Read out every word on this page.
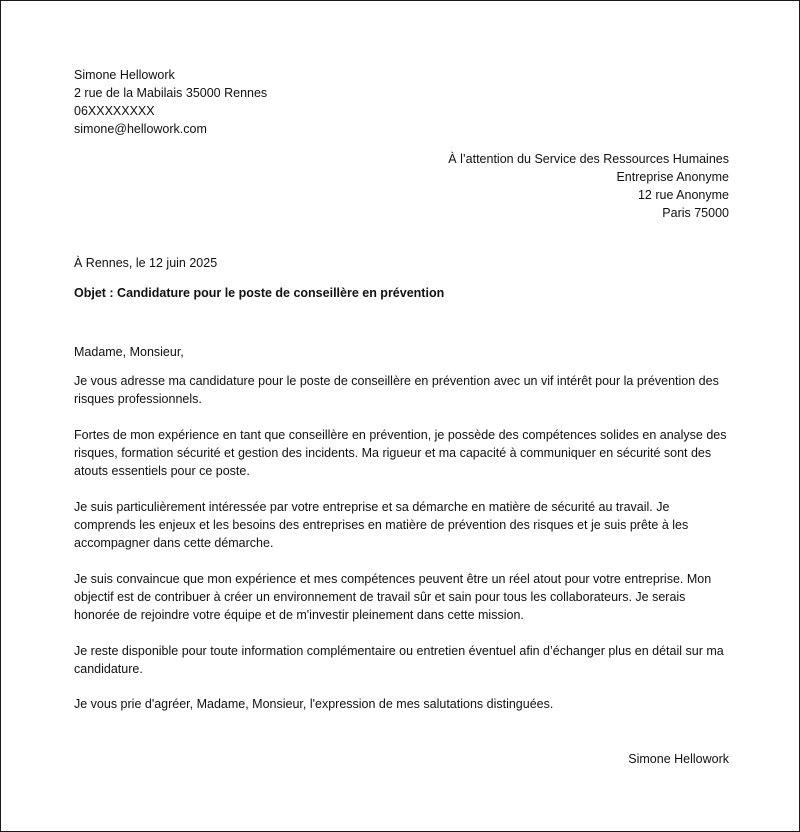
Simone Hellowork
2 rue de la Mabilais 35000 Rennes
06XXXXXXXX
simone@hellowork.com
À l’attention du Service des Ressources Humaines
Entreprise Anonyme
12 rue Anonyme
Paris 75000
À Rennes, le 12 juin 2025
Objet : Candidature pour le poste de conseillère en prévention
Madame, Monsieur,

Je vous adresse ma candidature pour le poste de conseillère en prévention avec un vif intérêt pour la prévention des risques professionnels.

Fortes de mon expérience en tant que conseillère en prévention, je possède des compétences solides en analyse des risques, formation sécurité et gestion des incidents. Ma rigueur et ma capacité à communiquer en sécurité sont des atouts essentiels pour ce poste.

Je suis particulièrement intéressée par votre entreprise et sa démarche en matière de sécurité au travail. Je comprends les enjeux et les besoins des entreprises en matière de prévention des risques et je suis prête à les accompagner dans cette démarche.

Je suis convaincue que mon expérience et mes compétences peuvent être un réel atout pour votre entreprise. Mon objectif est de contribuer à créer un environnement de travail sûr et sain pour tous les collaborateurs. Je serais honorée de rejoindre votre équipe et de m'investir pleinement dans cette mission.

Je reste disponible pour toute information complémentaire ou entretien éventuel afin d’échanger plus en détail sur ma candidature.

Je vous prie d'agréer, Madame, Monsieur, l'expression de mes salutations distinguées.

Simone Hellowork
